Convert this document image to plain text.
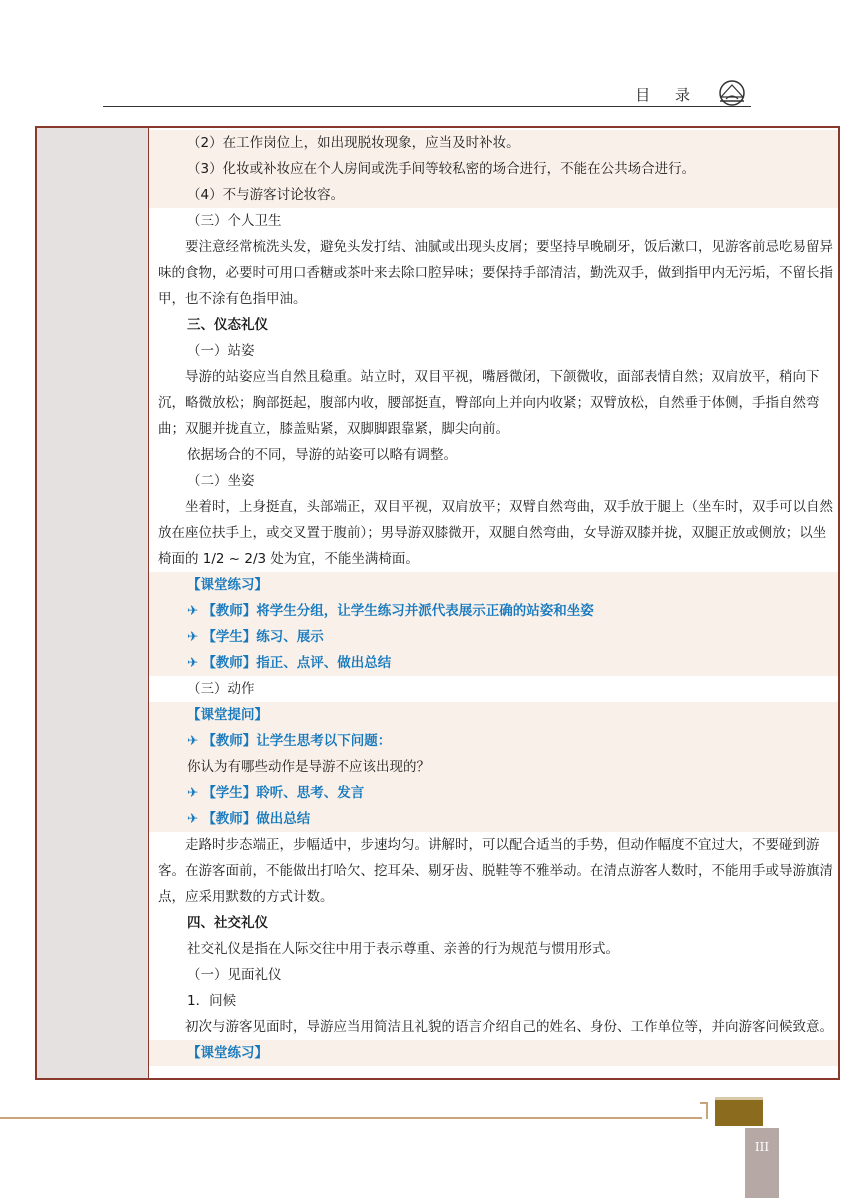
目 录
（2）在工作岗位上，如出现脱妆现象，应当及时补妆。
（3）化妆或补妆应在个人房间或洗手间等较私密的场合进行，不能在公共场合进行。
（4）不与游客讨论妆容。
（三）个人卫生
要注意经常梳洗头发，避免头发打结、油腻或出现头皮屑；要坚持早晚刷牙，饭后漱口，见游客前忌吃易留异味的食物，必要时可用口香糖或茶叶来去除口腔异味；要保持手部清洁，勤洗双手，做到指甲内无污垢，不留长指甲，也不涂有色指甲油。
三、仪态礼仪
（一）站姿
导游的站姿应当自然且稳重。站立时，双目平视，嘴唇微闭，下颌微收，面部表情自然；双肩放平，稍向下沉，略微放松；胸部挺起，腹部内收，腰部挺直，臀部向上并向内收紧；双臂放松，自然垂于体侧，手指自然弯曲；双腿并拢直立，膝盖贴紧，双脚脚跟靠紧，脚尖向前。
依据场合的不同，导游的站姿可以略有调整。
（二）坐姿
坐着时，上身挺直，头部端正，双目平视，双肩放平；双臂自然弯曲，双手放于腿上（坐车时，双手可以自然放在座位扶手上，或交叉置于腹前）；男导游双膝微开，双腿自然弯曲，女导游双膝并拢，双腿正放或侧放；以坐椅面的 1/2 ~ 2/3 处为宜，不能坐满椅面。
【课堂练习】
✈ 【教师】将学生分组，让学生练习并派代表展示正确的站姿和坐姿
✈ 【学生】练习、展示
✈ 【教师】指正、点评、做出总结
（三）动作
【课堂提问】
✈ 【教师】让学生思考以下问题：
你认为有哪些动作是导游不应该出现的？
✈ 【学生】聆听、思考、发言
✈ 【教师】做出总结
走路时步态端正，步幅适中，步速均匀。讲解时，可以配合适当的手势，但动作幅度不宜过大，不要碰到游客。在游客面前，不能做出打哈欠、挖耳朵、剔牙齿、脱鞋等不雅举动。在清点游客人数时，不能用手或导游旗清点，应采用默数的方式计数。
四、社交礼仪
社交礼仪是指在人际交往中用于表示尊重、亲善的行为规范与惯用形式。
（一）见面礼仪
1．问候
初次与游客见面时，导游应当用简洁且礼貌的语言介绍自己的姓名、身份、工作单位等，并向游客问候致意。
【课堂练习】
III
